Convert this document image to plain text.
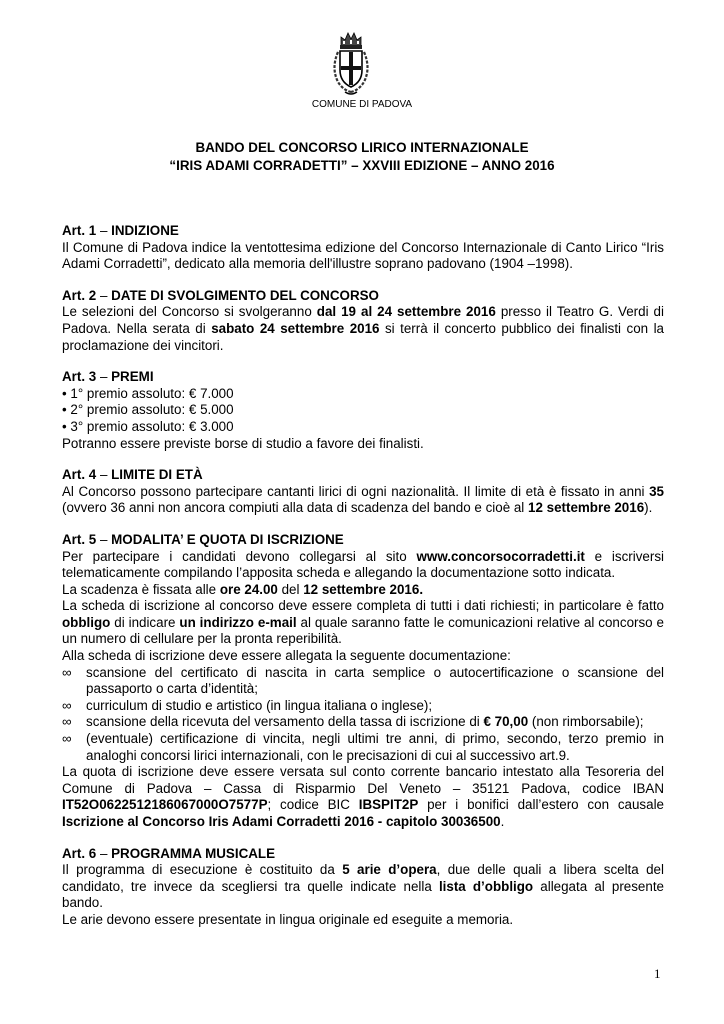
COMUNE DI PADOVA
BANDO DEL CONCORSO LIRICO INTERNAZIONALE
“IRIS ADAMI CORRADETTI” – XXVIII EDIZIONE – ANNO 2016

Art. 1 – INDIZIONE

Il Comune di Padova indice la ventottesima edizione del Concorso Internazionale di Canto Lirico “Iris Adami Corradetti”, dedicato alla memoria dell'illustre soprano padovano (1904 –1998).

Art. 2 – DATE DI SVOLGIMENTO DEL CONCORSO

Le selezioni del Concorso si svolgeranno dal 19 al 24 settembre 2016 presso il Teatro G. Verdi di Padova. Nella serata di sabato 24 settembre 2016 si terrà il concerto pubblico dei finalisti con la proclamazione dei vincitori.

Art. 3 – PREMI

• 1° premio assoluto: € 7.000

• 2° premio assoluto: € 5.000

• 3° premio assoluto: € 3.000

Potranno essere previste borse di studio a favore dei finalisti.

Art. 4 – LIMITE DI ETÀ

Al Concorso possono partecipare cantanti lirici di ogni nazionalità. Il limite di età è fissato in anni 35 (ovvero 36 anni non ancora compiuti alla data di scadenza del bando e cioè al 12 settembre 2016).

Art. 5 – MODALITA’ E QUOTA DI ISCRIZIONE

Per partecipare i candidati devono collegarsi al sito www.concorsocorradetti.it e iscriversi telematicamente compilando l’apposita scheda e allegando la documentazione sotto indicata.

La scadenza è fissata alle ore 24.00 del 12 settembre 2016.

La scheda di iscrizione al concorso deve essere completa di tutti i dati richiesti; in particolare è fatto obbligo di indicare un indirizzo e-mail al quale saranno fatte le comunicazioni relative al concorso e un numero di cellulare per la pronta reperibilità.

Alla scheda di iscrizione deve essere allegata la seguente documentazione:

∞ scansione del certificato di nascita in carta semplice o autocertificazione o scansione del passaporto o carta d’identità;
∞ curriculum di studio e artistico (in lingua italiana o inglese);
∞ scansione della ricevuta del versamento della tassa di iscrizione di € 70,00 (non rimborsabile);
∞ (eventuale) certificazione di vincita, negli ultimi tre anni, di primo, secondo, terzo premio in analoghi concorsi lirici internazionali, con le precisazioni di cui al successivo art.9.

La quota di iscrizione deve essere versata sul conto corrente bancario intestato alla Tesoreria del Comune di Padova – Cassa di Risparmio Del Veneto – 35121 Padova, codice IBAN IT52O0622512186067000O7577P; codice BIC IBSPIT2P per i bonifici dall’estero con causale Iscrizione al Concorso Iris Adami Corradetti 2016 - capitolo 30036500.

Art. 6 – PROGRAMMA MUSICALE

Il programma di esecuzione è costituito da 5 arie d’opera, due delle quali a libera scelta del candidato, tre invece da scegliersi tra quelle indicate nella lista d’obbligo allegata al presente bando.

Le arie devono essere presentate in lingua originale ed eseguite a memoria.

1
